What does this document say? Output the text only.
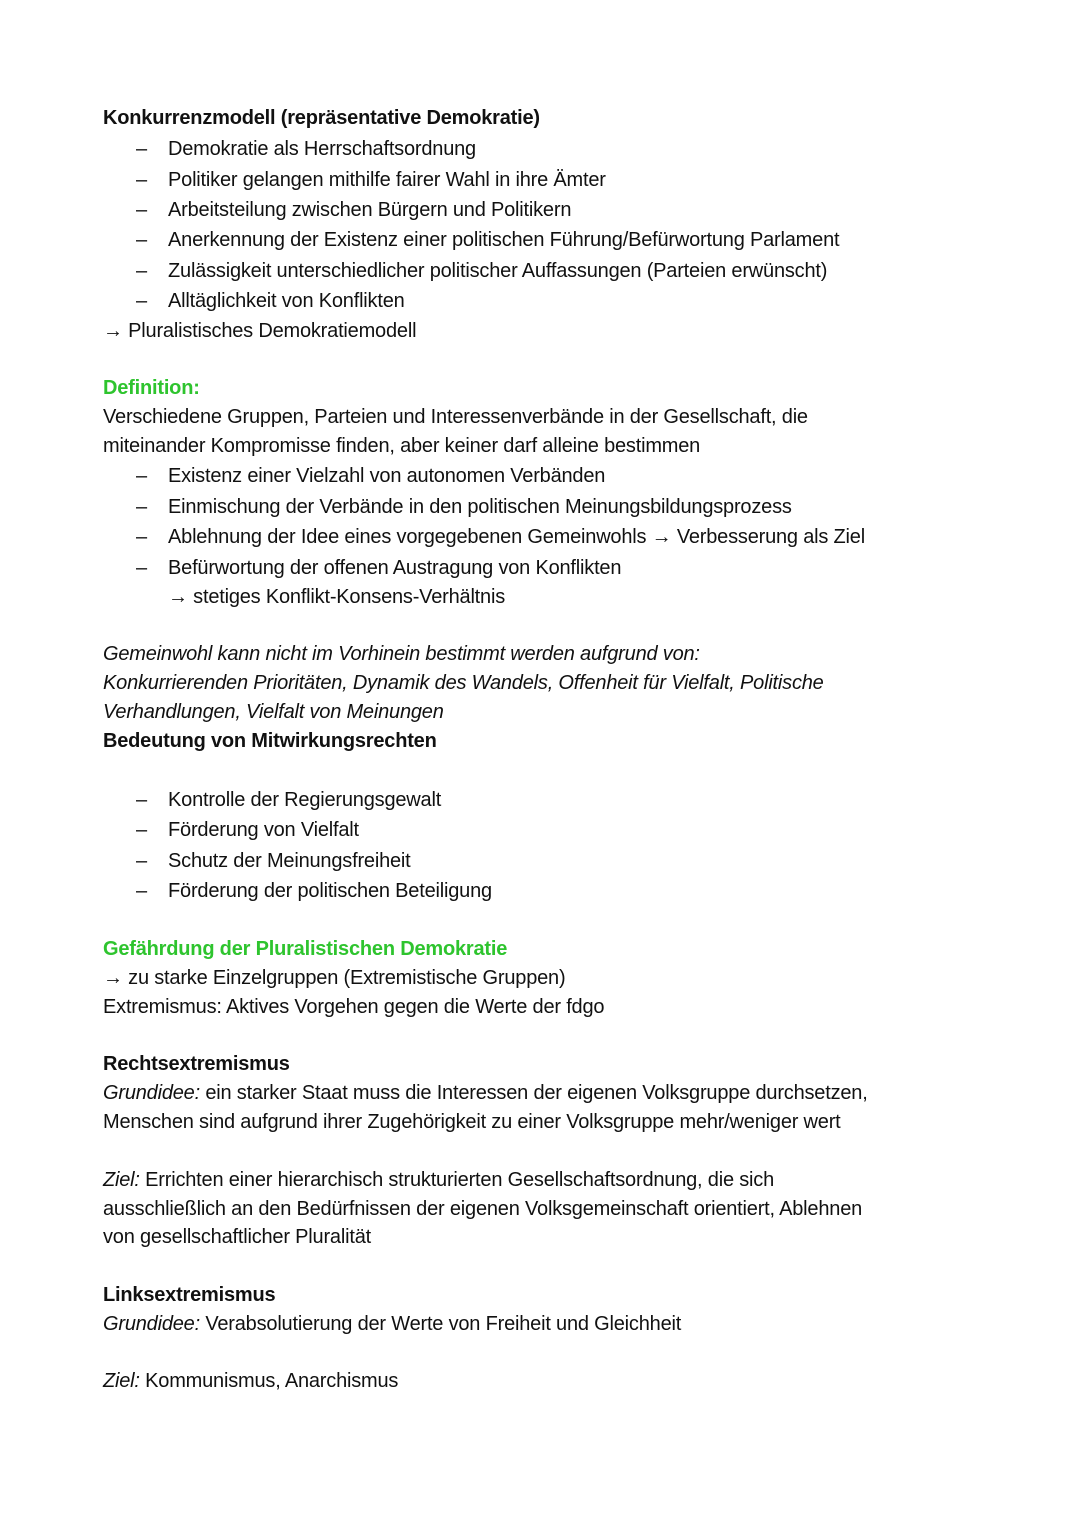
Konkurrenzmodell (repräsentative Demokratie)
– Demokratie als Herrschaftsordnung
– Politiker gelangen mithilfe fairer Wahl in ihre Ämter
– Arbeitsteilung zwischen Bürgern und Politikern
– Anerkennung der Existenz einer politischen Führung/Befürwortung Parlament
– Zulässigkeit unterschiedlicher politischer Auffassungen (Parteien erwünscht)
– Alltäglichkeit von Konflikten
→ Pluralistisches Demokratiemodell
Definition:
Verschiedene Gruppen, Parteien und Interessenverbände in der Gesellschaft, die
miteinander Kompromisse finden, aber keiner darf alleine bestimmen
– Existenz einer Vielzahl von autonomen Verbänden
– Einmischung der Verbände in den politischen Meinungsbildungsprozess
– Ablehnung der Idee eines vorgegebenen Gemeinwohls → Verbesserung als Ziel
– Befürwortung der offenen Austragung von Konflikten
→ stetiges Konflikt-Konsens-Verhältnis
Gemeinwohl kann nicht im Vorhinein bestimmt werden aufgrund von:
Konkurrierenden Prioritäten, Dynamik des Wandels, Offenheit für Vielfalt, Politische
Verhandlungen, Vielfalt von Meinungen
Bedeutung von Mitwirkungsrechten
– Kontrolle der Regierungsgewalt
– Förderung von Vielfalt
– Schutz der Meinungsfreiheit
– Förderung der politischen Beteiligung
Gefährdung der Pluralistischen Demokratie
→ zu starke Einzelgruppen (Extremistische Gruppen)
Extremismus: Aktives Vorgehen gegen die Werte der fdgo
Rechtsextremismus
Grundidee: ein starker Staat muss die Interessen der eigenen Volksgruppe durchsetzen,
Menschen sind aufgrund ihrer Zugehörigkeit zu einer Volksgruppe mehr/weniger wert
Ziel: Errichten einer hierarchisch strukturierten Gesellschaftsordnung, die sich
ausschließlich an den Bedürfnissen der eigenen Volksgemeinschaft orientiert, Ablehnen
von gesellschaftlicher Pluralität
Linksextremismus
Grundidee: Verabsolutierung der Werte von Freiheit und Gleichheit
Ziel: Kommunismus, Anarchismus
